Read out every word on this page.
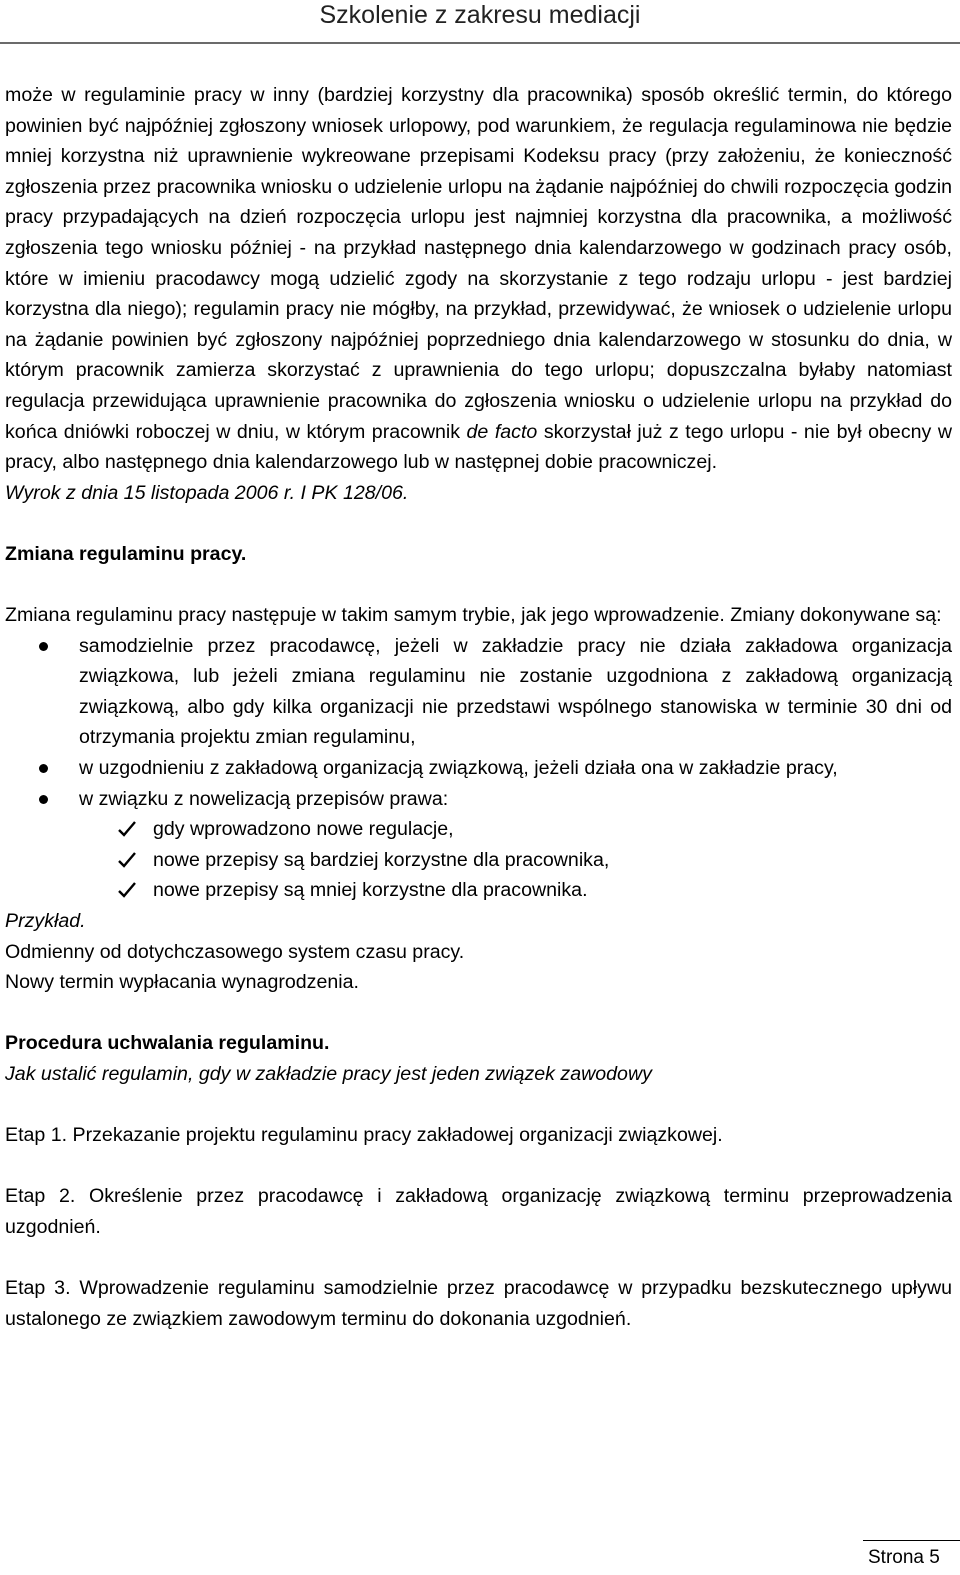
Szkolenie z zakresu mediacji

może w regulaminie pracy w inny (bardziej korzystny dla pracownika) sposób określić termin, do którego powinien być najpóźniej zgłoszony wniosek urlopowy, pod warunkiem, że regulacja regulaminowa nie będzie mniej korzystna niż uprawnienie wykreowane przepisami Kodeksu pracy (przy założeniu, że konieczność zgłoszenia przez pracownika wniosku o udzielenie urlopu na żądanie najpóźniej do chwili rozpoczęcia godzin pracy przypadających na dzień rozpoczęcia urlopu jest najmniej korzystna dla pracownika, a możliwość zgłoszenia tego wniosku później - na przykład następnego dnia kalendarzowego w godzinach pracy osób, które w imieniu pracodawcy mogą udzielić zgody na skorzystanie z tego rodzaju urlopu - jest bardziej korzystna dla niego); regulamin pracy nie mógłby, na przykład, przewidywać, że wniosek o udzielenie urlopu na żądanie powinien być zgłoszony najpóźniej poprzedniego dnia kalendarzowego w stosunku do dnia, w którym pracownik zamierza skorzystać z uprawnienia do tego urlopu; dopuszczalna byłaby natomiast regulacja przewidująca uprawnienie pracownika do zgłoszenia wniosku o udzielenie urlopu na przykład do końca dniówki roboczej w dniu, w którym pracownik de facto skorzystał już z tego urlopu - nie był obecny w pracy, albo następnego dnia kalendarzowego lub w następnej dobie pracowniczej.

Wyrok z dnia 15 listopada 2006 r. I PK 128/06.

Zmiana regulaminu pracy.

Zmiana regulaminu pracy następuje w takim samym trybie, jak jego wprowadzenie. Zmiany dokonywane są:

samodzielnie przez pracodawcę, jeżeli w zakładzie pracy nie działa zakładowa organizacja związkowa, lub jeżeli zmiana regulaminu nie zostanie uzgodniona z zakładową organizacją związkową, albo gdy kilka organizacji nie przedstawi wspólnego stanowiska w terminie 30 dni od otrzymania projektu zmian regulaminu,
w uzgodnieniu z zakładową organizacją związkową, jeżeli działa ona w zakładzie pracy,
w związku z nowelizacją przepisów prawa:
gdy wprowadzono nowe regulacje,
nowe przepisy są bardziej korzystne dla pracownika,
nowe przepisy są mniej korzystne dla pracownika.

Przykład.

Odmienny od dotychczasowego system czasu pracy.

Nowy termin wypłacania wynagrodzenia.

Procedura uchwalania regulaminu.

Jak ustalić regulamin, gdy w zakładzie pracy jest jeden związek zawodowy

Etap 1. Przekazanie projektu regulaminu pracy zakładowej organizacji związkowej.

Etap 2. Określenie przez pracodawcę i zakładową organizację związkową terminu przeprowadzenia uzgodnień.

Etap 3. Wprowadzenie regulaminu samodzielnie przez pracodawcę w przypadku bezskutecznego upływu ustalonego ze związkiem zawodowym terminu do dokonania uzgodnień.

Strona 5
